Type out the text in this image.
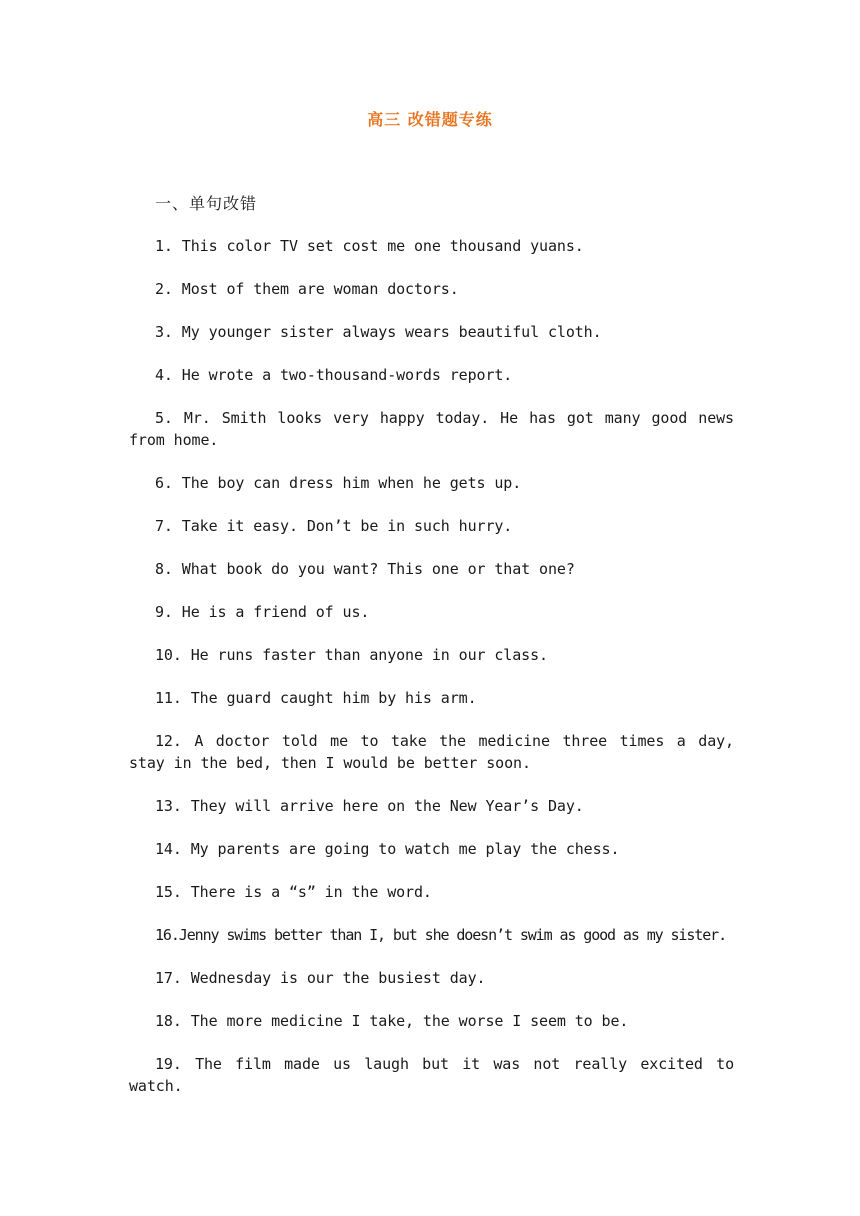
高三 改错题专练
一、单句改错

1. This color TV set cost me one thousand yuans.

2. Most of them are woman doctors.

3. My younger sister always wears beautiful cloth.

4. He wrote a two-thousand-words report.

5. Mr. Smith looks very happy today. He has got many good news from home.

6. The boy can dress him when he gets up.

7. Take it easy. Don’t be in such hurry.

8. What book do you want? This one or that one?

9. He is a friend of us.

10. He runs faster than anyone in our class.

11. The guard caught him by his arm.

12. A doctor told me to take the medicine three times a day, stay in the bed, then I would be better soon.

13. They will arrive here on the New Year’s Day.

14. My parents are going to watch me play the chess.

15. There is a “s” in the word.

16.Jenny swims better than I, but she doesn’t swim as good as my sister.

17. Wednesday is our the busiest day.

18. The more medicine I take, the worse I seem to be.

19. The film made us laugh but it was not really excited to watch.
